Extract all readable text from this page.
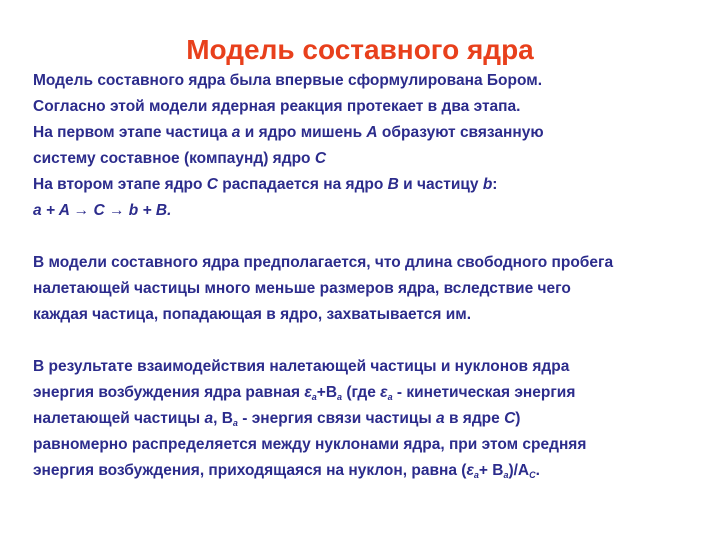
Модель составного ядра
Модель составного ядра была впервые сформулирована Бором.
Согласно этой модели ядерная реакция протекает в два этапа.
На первом этапе частица a и ядро мишень A образуют связанную
систему составное (компаунд) ядро C
На втором этапе ядро C распадается на ядро B и частицу b:
a + A → C → b + B.
В модели составного ядра предполагается, что длина свободного пробега
налетающей частицы много меньше размеров ядра, вследствие чего
каждая частица, попадающая в ядро, захватывается им.
В результате взаимодействия налетающей частицы и нуклонов ядра
энергия возбуждения ядра равная $\varepsilon_a+B_a$ (где $\varepsilon_a$ - кинетическая энергия
налетающей частицы a, $B_a$ - энергия связи частицы a в ядре C)
равномерно распределяется между нуклонами ядра, при этом средняя
энергия возбуждения, приходящаяся на нуклон, равна $(\varepsilon_a+ B_a)/A_C$.
